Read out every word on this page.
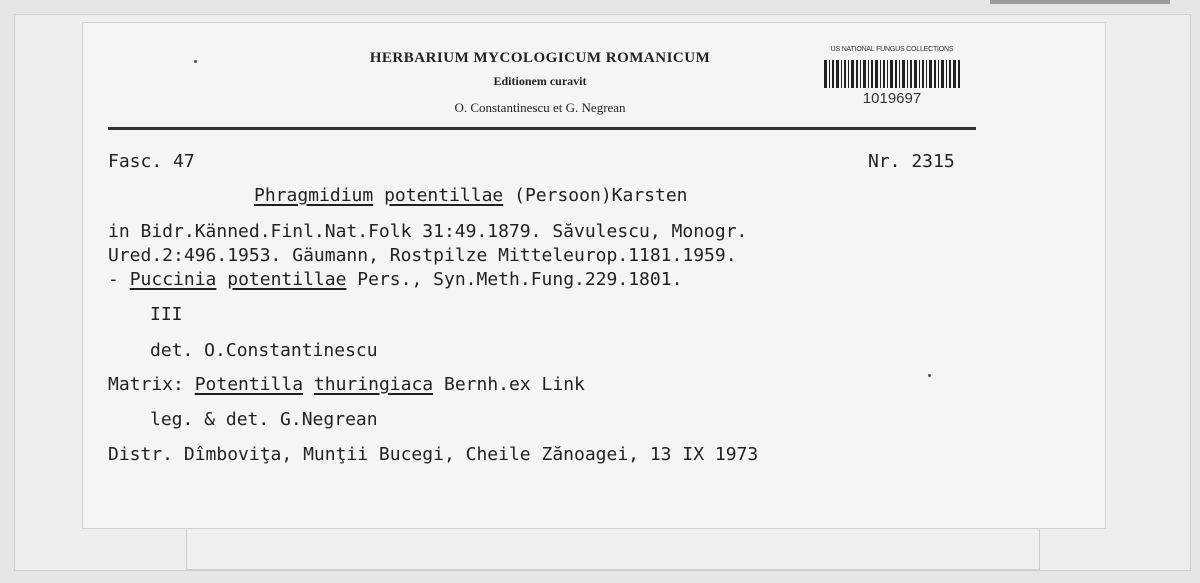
HERBARIUM MYCOLOGICUM ROMANICUM
Editionem curavit
O. Constantinescu et G. Negrean
US NATIONAL FUNGUS COLLECTIONS
1019697
Fasc. 47	Nr. 2315
Phragmidium potentillae (Persoon)Karsten
in Bidr.Känned.Finl.Nat.Folk 31:49.1879. Săvulescu, Monogr.
Ured.2:496.1953. Gäumann, Rostpilze Mitteleurop.1181.1959.
- Puccinia potentillae Pers., Syn.Meth.Fung.229.1801.
III
det. O.Constantinescu
Matrix: Potentilla thuringiaca Bernh.ex Link
leg. & det. G.Negrean
Distr. Dîmboviţa, Munţii Bucegi, Cheile Zănoagei, 13 IX 1973
